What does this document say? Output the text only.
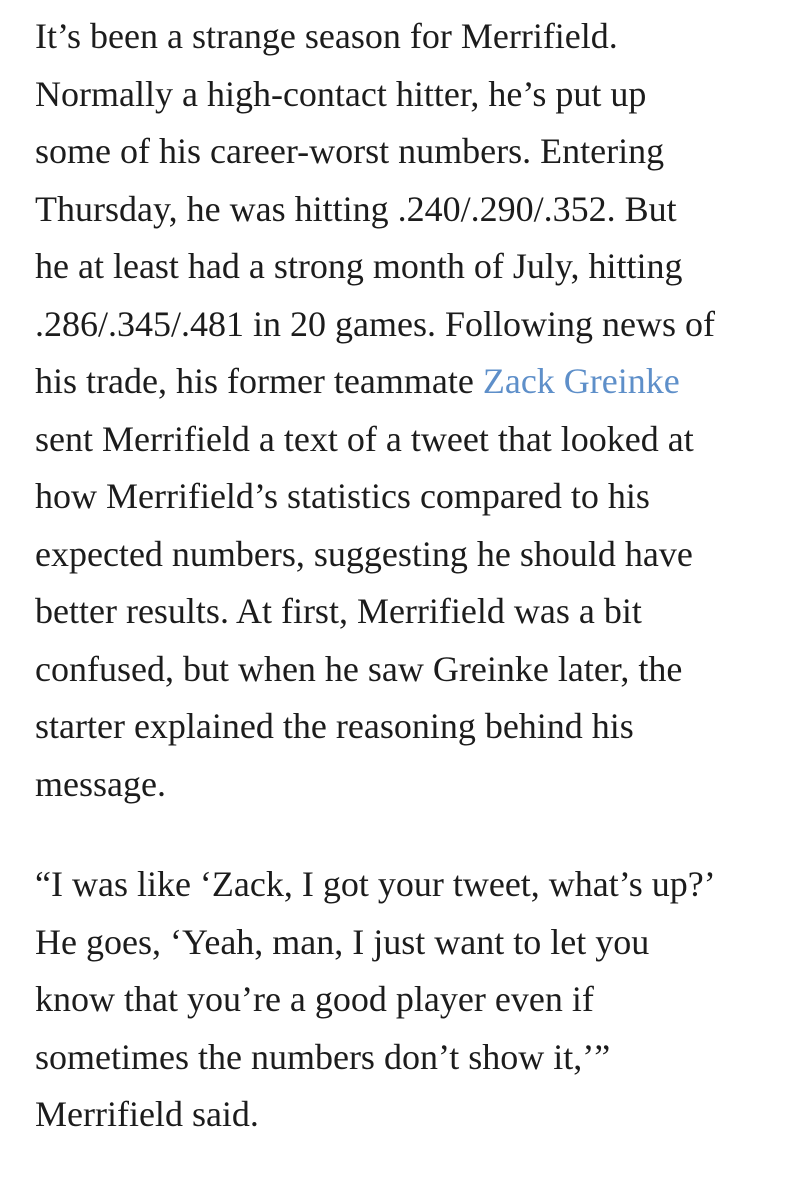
It’s been a strange season for Merrifield.
Normally a high-contact hitter, he’s put up
some of his career-worst numbers. Entering
Thursday, he was hitting .240/.290/.352. But
he at least had a strong month of July, hitting
.286/.345/.481 in 20 games. Following news of
his trade, his former teammate Zack Greinke
sent Merrifield a text of a tweet that looked at
how Merrifield’s statistics compared to his
expected numbers, suggesting he should have
better results. At first, Merrifield was a bit
confused, but when he saw Greinke later, the
starter explained the reasoning behind his
message.

“I was like ‘Zack, I got your tweet, what’s up?’
He goes, ‘Yeah, man, I just want to let you
know that you’re a good player even if
sometimes the numbers don’t show it,’”
Merrifield said.
